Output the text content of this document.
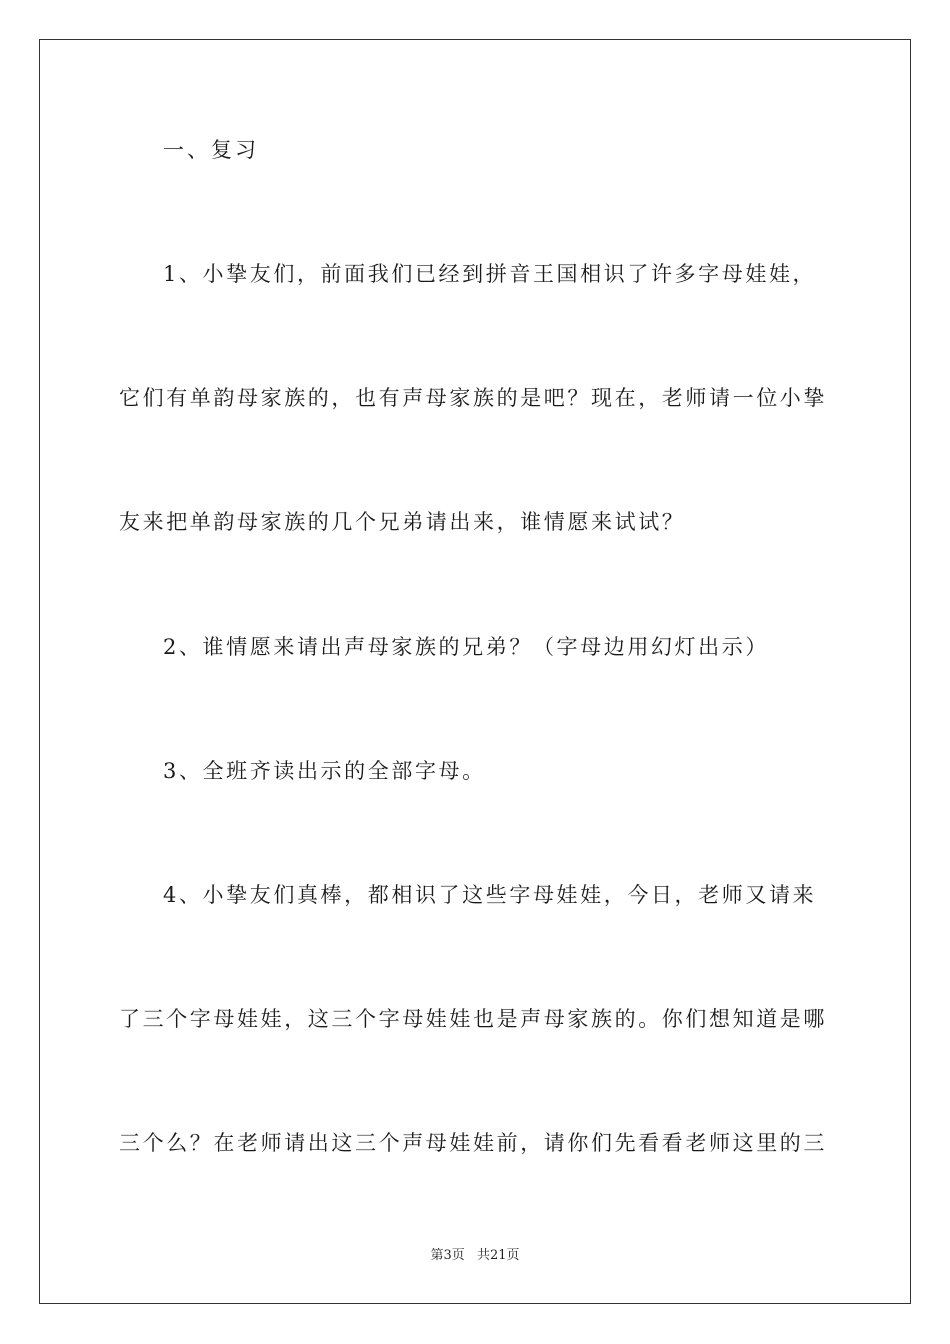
一、复习
1、小挚友们，前面我们已经到拼音王国相识了许多字母娃娃，
它们有单韵母家族的，也有声母家族的是吧？现在，老师请一位小挚
友来把单韵母家族的几个兄弟请出来，谁情愿来试试？
2、谁情愿来请出声母家族的兄弟？（字母边用幻灯出示）
3、全班齐读出示的全部字母。
4、小挚友们真棒，都相识了这些字母娃娃，今日，老师又请来
了三个字母娃娃，这三个字母娃娃也是声母家族的。你们想知道是哪
三个么？在老师请出这三个声母娃娃前，请你们先看看老师这里的三
第3页 共21页
